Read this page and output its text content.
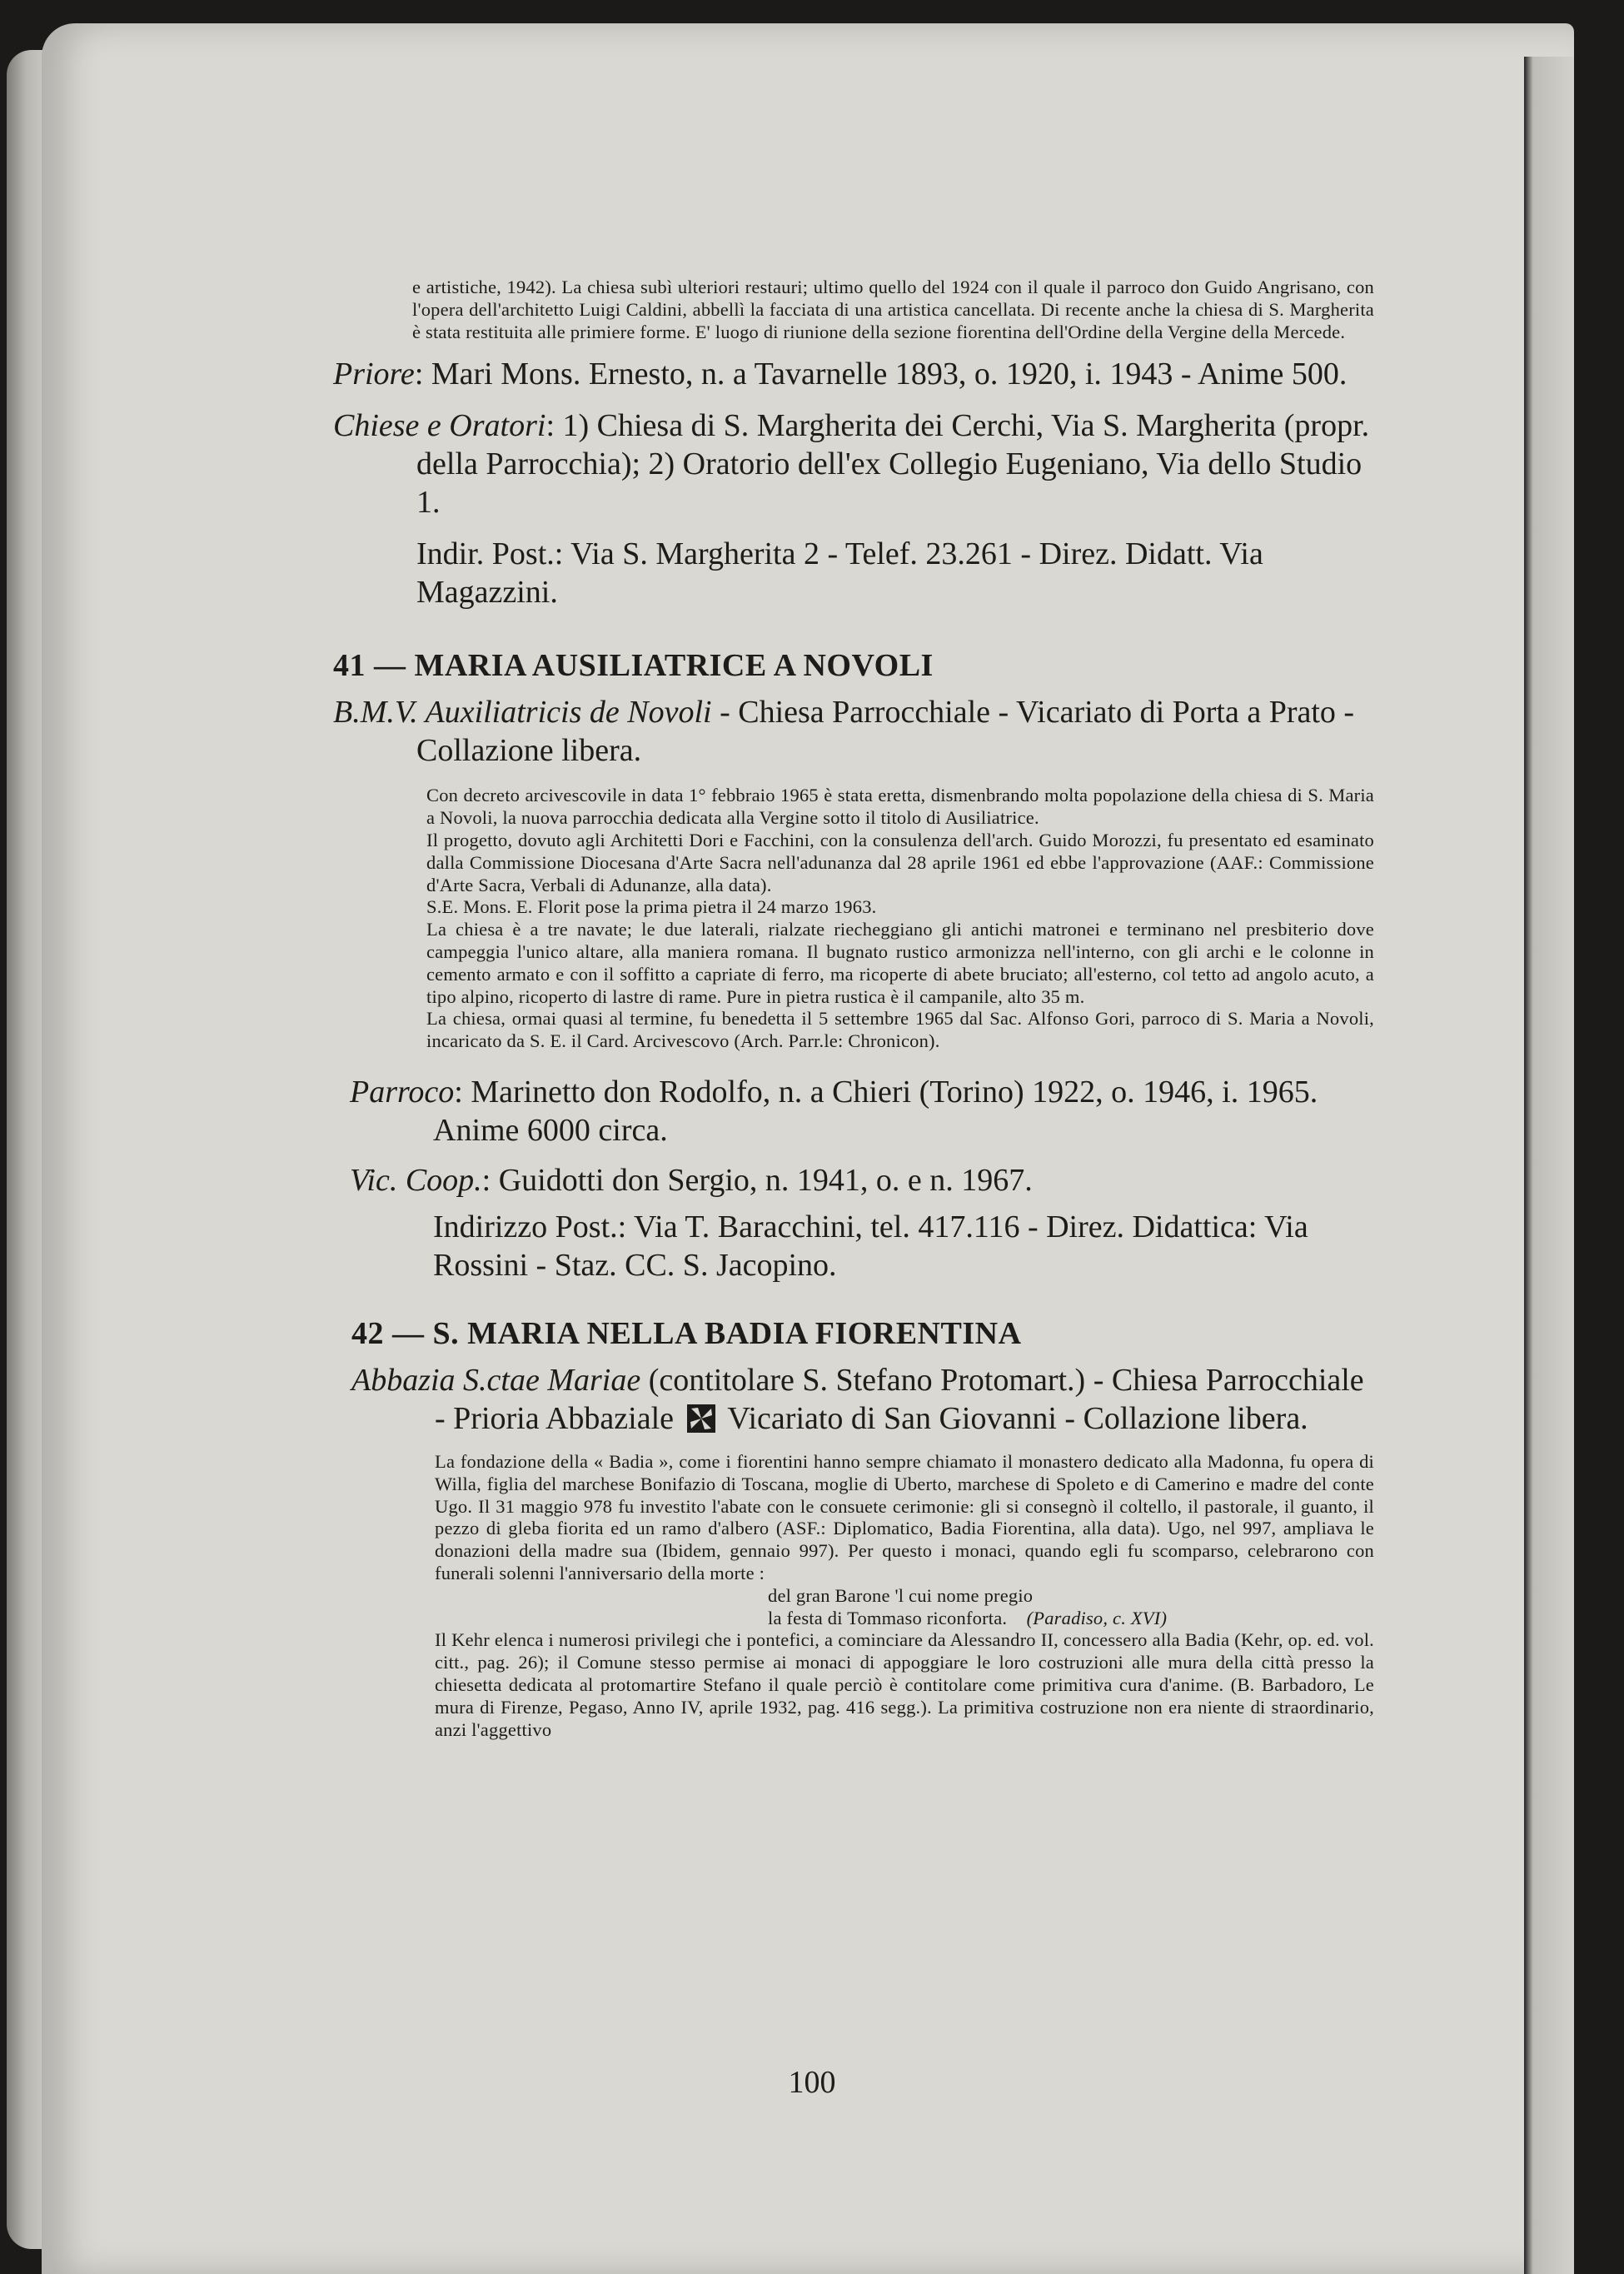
e artistiche, 1942). La chiesa subì ulteriori restauri; ultimo quello del 1924 con il quale il parroco don Guido Angrisano, con l'opera dell'architetto Luigi Caldini, abbellì la facciata di una artistica cancellata. Di recente anche la chiesa di S. Margherita è stata restituita alle primiere forme. E' luogo di riunione della sezione fiorentina dell'Ordine della Vergine della Mercede.

Priore: Mari Mons. Ernesto, n. a Tavarnelle 1893, o. 1920, i. 1943 - Anime 500.

Chiese e Oratori: 1) Chiesa di S. Margherita dei Cerchi, Via S. Margherita (propr. della Parrocchia); 2) Oratorio dell'ex Collegio Eugeniano, Via dello Studio 1.

Indir. Post.: Via S. Margherita 2 - Telef. 23.261 - Direz. Didatt. Via Magazzini.

41 — MARIA AUSILIATRICE A NOVOLI

B.M.V. Auxiliatricis de Novoli - Chiesa Parrocchiale - Vicariato di Porta a Prato - Collazione libera.

Con decreto arcivescovile in data 1° febbraio 1965 è stata eretta, dismenbrando molta popolazione della chiesa di S. Maria a Novoli, la nuova parrocchia dedicata alla Vergine sotto il titolo di Ausiliatrice.

Il progetto, dovuto agli Architetti Dori e Facchini, con la consulenza dell'arch. Guido Morozzi, fu presentato ed esaminato dalla Commissione Diocesana d'Arte Sacra nell'adunanza dal 28 aprile 1961 ed ebbe l'approvazione (AAF.: Commissione d'Arte Sacra, Verbali di Adunanze, alla data).

S.E. Mons. E. Florit pose la prima pietra il 24 marzo 1963.

La chiesa è a tre navate; le due laterali, rialzate riecheggiano gli antichi matronei e terminano nel presbiterio dove campeggia l'unico altare, alla maniera romana. Il bugnato rustico armonizza nell'interno, con gli archi e le colonne in cemento armato e con il soffitto a capriate di ferro, ma ricoperte di abete bruciato; all'esterno, col tetto ad angolo acuto, a tipo alpino, ricoperto di lastre di rame. Pure in pietra rustica è il campanile, alto 35 m.

La chiesa, ormai quasi al termine, fu benedetta il 5 settembre 1965 dal Sac. Alfonso Gori, parroco di S. Maria a Novoli, incaricato da S. E. il Card. Arcivescovo (Arch. Parr.le: Chronicon).

Parroco: Marinetto don Rodolfo, n. a Chieri (Torino) 1922, o. 1946, i. 1965. Anime 6000 circa.

Vic. Coop.: Guidotti don Sergio, n. 1941, o. e n. 1967.

Indirizzo Post.: Via T. Baracchini, tel. 417.116 - Direz. Didattica: Via Rossini - Staz. CC. S. Jacopino.

42 — S. MARIA NELLA BADIA FIORENTINA

Abbazia S.ctae Mariae (contitolare S. Stefano Protomart.) - Chiesa Parrocchiale - Prioria Abbaziale Vicariato di San Giovanni - Collazione libera.

La fondazione della « Badia », come i fiorentini hanno sempre chiamato il monastero dedicato alla Madonna, fu opera di Willa, figlia del marchese Bonifazio di Toscana, moglie di Uberto, marchese di Spoleto e di Camerino e madre del conte Ugo. Il 31 maggio 978 fu investito l'abate con le consuete cerimonie: gli si consegnò il coltello, il pastorale, il guanto, il pezzo di gleba fiorita ed un ramo d'albero (ASF.: Diplomatico, Badia Fiorentina, alla data). Ugo, nel 997, ampliava le donazioni della madre sua (Ibidem, gennaio 997). Per questo i monaci, quando egli fu scomparso, celebrarono con funerali solenni l'anniversario della morte :

del gran Barone 'l cui nome pregio
la festa di Tommaso riconforta. (Paradiso, c. XVI)

Il Kehr elenca i numerosi privilegi che i pontefici, a cominciare da Alessandro II, concessero alla Badia (Kehr, op. ed. vol. citt., pag. 26); il Comune stesso permise ai monaci di appoggiare le loro costruzioni alle mura della città presso la chiesetta dedicata al protomartire Stefano il quale perciò è contitolare come primitiva cura d'anime. (B. Barbadoro, Le mura di Firenze, Pegaso, Anno IV, aprile 1932, pag. 416 segg.). La primitiva costruzione non era niente di straordinario, anzi l'aggettivo

100
